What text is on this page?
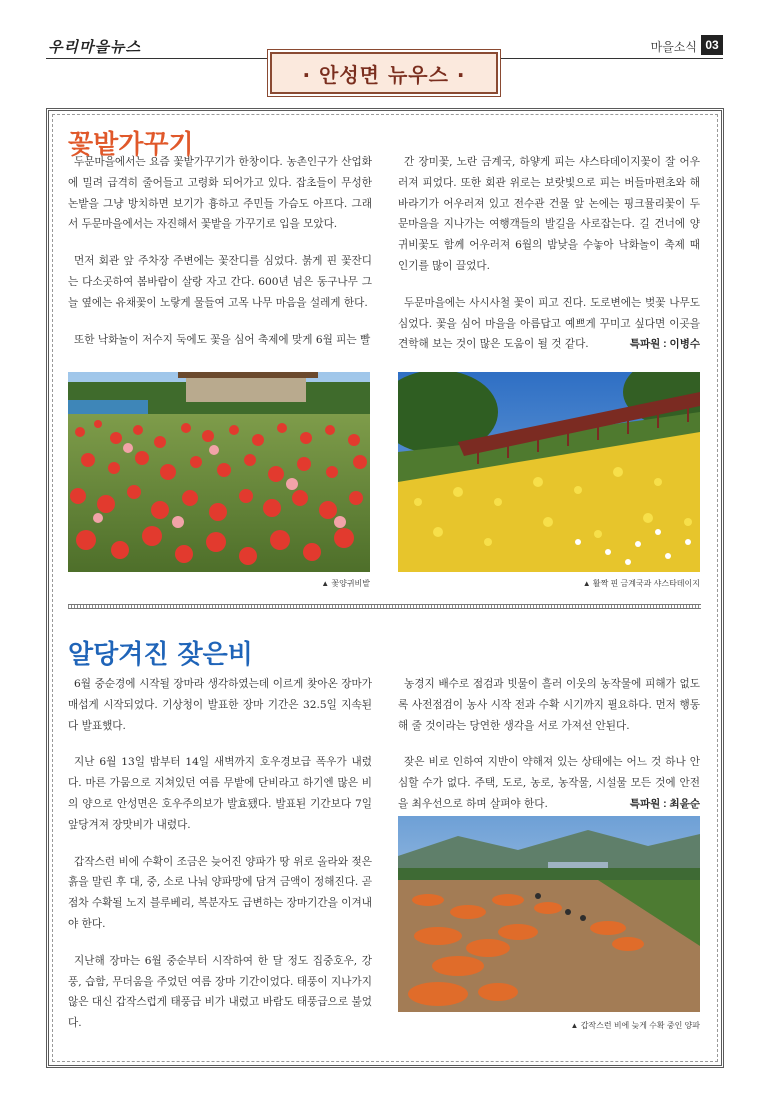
우리마을뉴스	마을소식 03
· 안성면 뉴우스 ·
꽃밭가꾸기

두문마을에서는 요즘 꽃밭가꾸기가 한창이다. 농촌인구가 산업화에 밀려 급격히 줄어들고 고령화 되어가고 있다. 잡초들이 무성한 논밭을 그냥 방치하면 보기가 흉하고 주민들 가슴도 아프다. 그래서 두문마을에서는 자진해서 꽃밭을 가꾸기로 입을 모았다.

먼저 회관 앞 주차장 주변에는 꽃잔디를 심었다. 붉게 핀 꽃잔디는 다소곳하여 봄바람이 살랑 자고 간다. 600년 넘은 동구나무 그늘 옆에는 유채꽃이 노랗게 물들여 고목 나무 마음을 설레게 한다.

또한 낙화놀이 저수지 둑에도 꽃을 심어 축제에 맞게 6월 피는 빨

간 장미꽃, 노란 금계국, 하얗게 피는 샤스타데이지꽃이 잘 어우러져 피었다. 또한 회관 위로는 보랏빛으로 피는 버들마편초와 해바라기가 어우러져 있고 전수관 건물 앞 논에는 핑크뮬리꽃이 두문마을을 지나가는 여행객들의 발길을 사로잡는다. 길 건너에 양귀비꽃도 함께 어우러져 6월의 밤낮을 수놓아 낙화놀이 축제 때 인기를 많이 끌었다.

두문마을에는 사시사철 꽃이 피고 진다. 도로변에는 벚꽃 나무도 심었다. 꽃을 심어 마을을 아름답고 예쁘게 꾸미고 싶다면 이곳을 견학해 보는 것이 많은 도움이 될 것 같다.	특파원 : 이병수

▲ 꽃양귀비밭	▲ 활짝 핀 금계국과 샤스타데이지
알당겨진 잦은비

6월 중순경에 시작될 장마라 생각하였는데 이르게 찾아온 장마가 매섭게 시작되었다. 기상청이 발표한 장마 기간은 32.5일 지속된다 발표했다.

지난 6월 13일 밤부터 14일 새벽까지 호우경보급 폭우가 내렸다. 마른 가뭄으로 지쳐있던 여름 무밭에 단비라고 하기엔 많은 비의 양으로 안성면은 호우주의보가 발효됐다. 발표된 기간보다 7일 앞당겨져 장맛비가 내렸다.

갑작스런 비에 수확이 조금은 늦어진 양파가 땅 위로 올라와 젖은 흙을 말린 후 대, 중, 소로 나눠 양파망에 담겨 금액이 정해진다. 곧 점차 수확될 노지 블루베리, 복분자도 급변하는 장마기간을 이겨내야 한다.

지난해 장마는 6월 중순부터 시작하여 한 달 정도 집중호우, 강풍, 습함, 무더움을 주었던 여름 장마 기간이었다. 태풍이 지나가지 않은 대신 갑작스럽게 태풍급 비가 내렸고 바람도 태풍급으로 불었다.

농경지 배수로 점검과 빗물이 흘러 이웃의 농작물에 피해가 없도록 사전점검이 농사 시작 전과 수확 시기까지 필요하다. 먼저 행동해 줄 것이라는 당연한 생각을 서로 가져선 안된다.

잦은 비로 인하여 지반이 약해져 있는 상태에는 어느 것 하나 안심할 수가 없다. 주택, 도로, 농로, 농작물, 시설물 모든 것에 안전을 최우선으로 하며 살펴야 한다.	특파원 : 최윤순

▲ 갑작스런 비에 늦게 수확 중인 양파
